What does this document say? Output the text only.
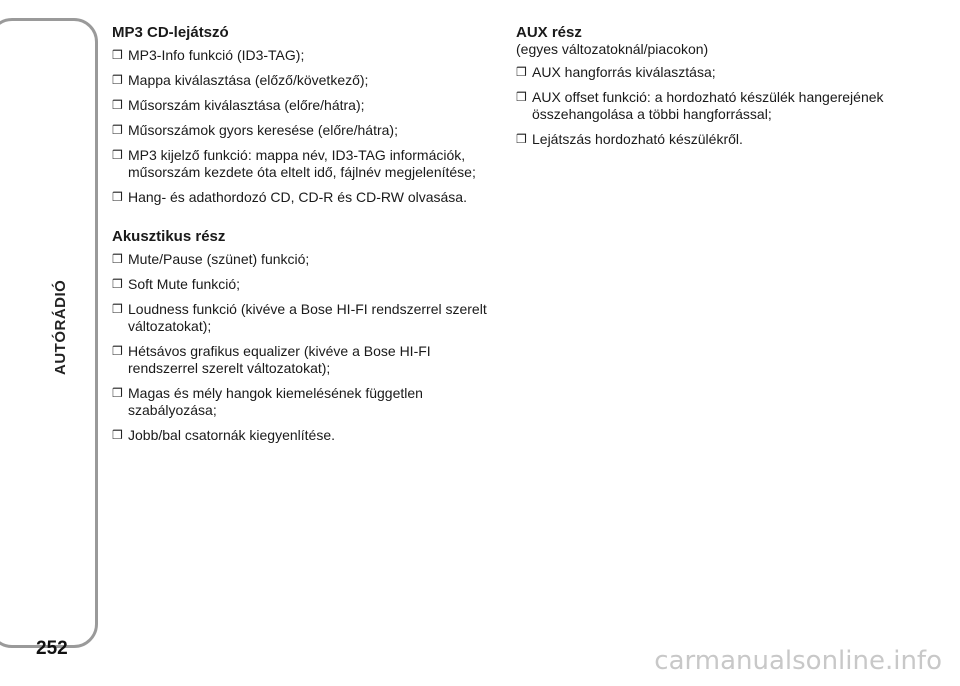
AUTÓRÁDIÓ
252
MP3 CD-lejátszó
❒ MP3-Info funkció (ID3-TAG);
❒ Mappa kiválasztása (előző/következő);
❒ Műsorszám kiválasztása (előre/hátra);
❒ Műsorszámok gyors keresése (előre/hátra);
❒ MP3 kijelző funkció: mappa név, ID3-TAG információk, műsorszám kezdete óta eltelt idő, fájlnév megjelenítése;
❒ Hang- és adathordozó CD, CD-R és CD-RW olvasása.
Akusztikus rész
❒ Mute/Pause (szünet) funkció;
❒ Soft Mute funkció;
❒ Loudness funkció (kivéve a Bose HI-FI rendszerrel szerelt változatokat);
❒ Hétsávos grafikus equalizer (kivéve a Bose HI-FI rendszerrel szerelt változatokat);
❒ Magas és mély hangok kiemelésének független szabályozása;
❒ Jobb/bal csatornák kiegyenlítése.
AUX rész
(egyes változatoknál/piacokon)
❒ AUX hangforrás kiválasztása;
❒ AUX offset funkció: a hordozható készülék hangerejének összehangolása a többi hangforrással;
❒ Lejátszás hordozható készülékről.
carmanualsonline.info
